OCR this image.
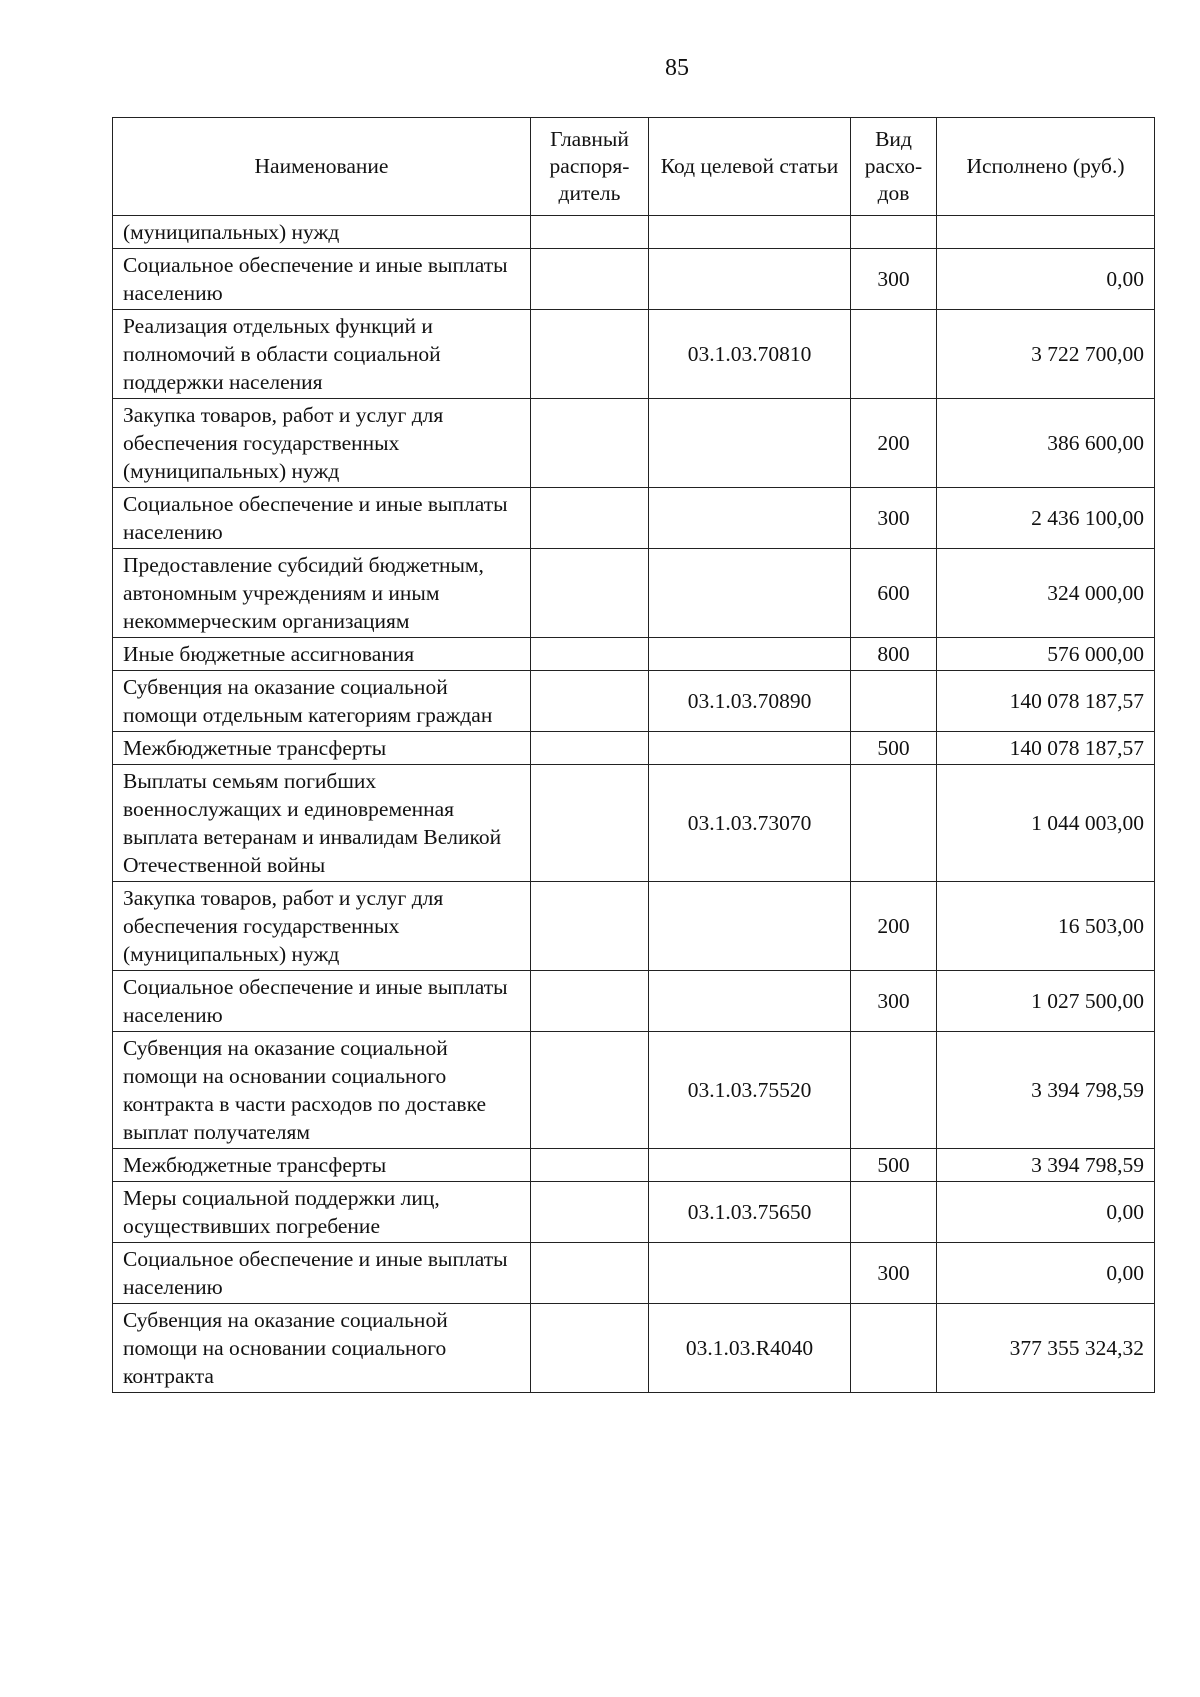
85
Наименование	Главный распоря-дитель	Код целевой статьи	Вид расхо-дов	Исполнено (руб.)
(муниципальных) нужд				
Социальное обеспечение и иные выплаты населению			300	0,00
Реализация отдельных функций и полномочий в области социальной поддержки населения		03.1.03.70810		3 722 700,00
Закупка товаров, работ и услуг для обеспечения государственных (муниципальных) нужд			200	386 600,00
Социальное обеспечение и иные выплаты населению			300	2 436 100,00
Предоставление субсидий бюджетным, автономным учреждениям и иным некоммерческим организациям			600	324 000,00
Иные бюджетные ассигнования			800	576 000,00
Субвенция на оказание социальной помощи отдельным категориям граждан		03.1.03.70890		140 078 187,57
Межбюджетные трансферты			500	140 078 187,57
Выплаты семьям погибших военнослужащих и единовременная выплата ветеранам и инвалидам Великой Отечественной войны		03.1.03.73070		1 044 003,00
Закупка товаров, работ и услуг для обеспечения государственных (муниципальных) нужд			200	16 503,00
Социальное обеспечение и иные выплаты населению			300	1 027 500,00
Субвенция на оказание социальной помощи на основании социального контракта в части расходов по доставке выплат получателям		03.1.03.75520		3 394 798,59
Межбюджетные трансферты			500	3 394 798,59
Меры социальной поддержки лиц, осуществивших погребение		03.1.03.75650		0,00
Социальное обеспечение и иные выплаты населению			300	0,00
Субвенция на оказание социальной помощи на основании социального контракта		03.1.03.R4040		377 355 324,32
